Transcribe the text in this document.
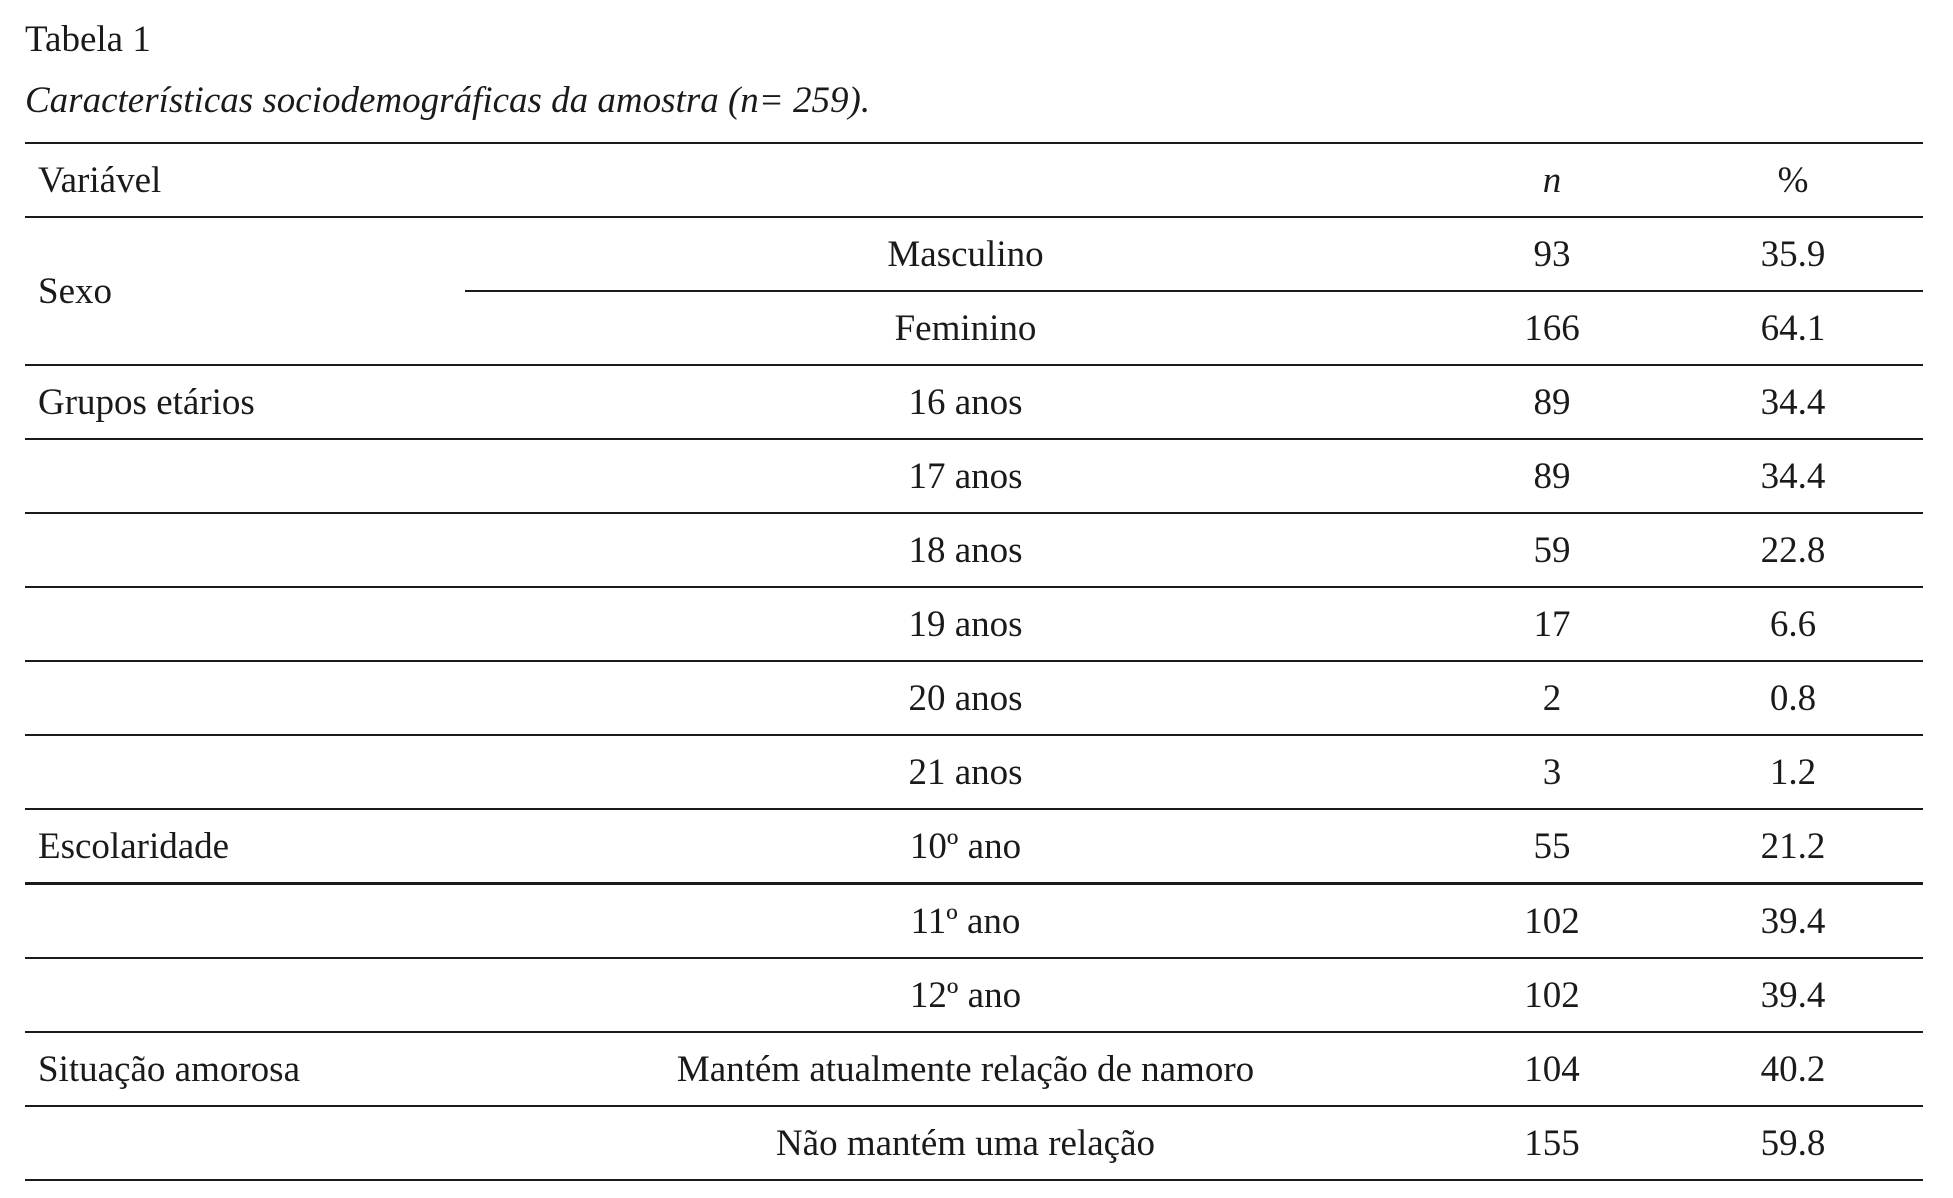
Tabela 1
Características sociodemográficas da amostra (n= 259).
Variável		n	%
Sexo	Masculino	93	35.9
	Feminino	166	64.1
Grupos etários	16 anos	89	34.4
	17 anos	89	34.4
	18 anos	59	22.8
	19 anos	17	6.6
	20 anos	2	0.8
	21 anos	3	1.2
Escolaridade	10º ano	55	21.2
	11º ano	102	39.4
	12º ano	102	39.4
Situação amorosa	Mantém atualmente relação de namoro	104	40.2
	Não mantém uma relação	155	59.8
